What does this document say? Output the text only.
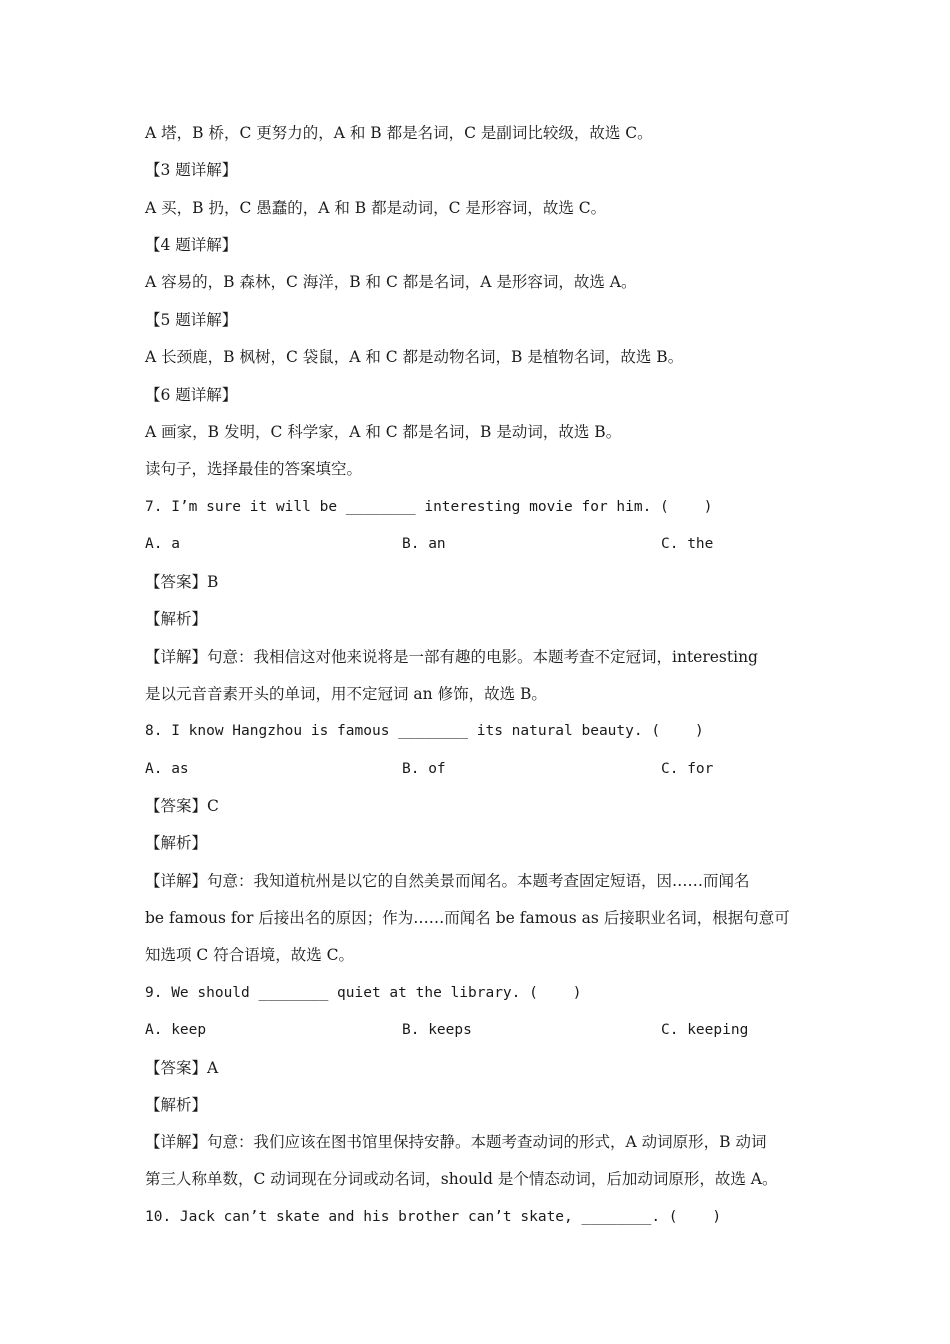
A 塔，B 桥，C 更努力的，A 和 B 都是名词，C 是副词比较级，故选 C。
【3 题详解】
A 买，B 扔，C 愚蠢的，A 和 B 都是动词，C 是形容词，故选 C。
【4 题详解】
A 容易的，B 森林，C 海洋，B 和 C 都是名词，A 是形容词，故选 A。
【5 题详解】
A 长颈鹿，B 枫树，C 袋鼠，A 和 C 都是动物名词，B 是植物名词，故选 B。
【6 题详解】
A 画家，B 发明，C 科学家，A 和 C 都是名词，B 是动词，故选 B。
读句子，选择最佳的答案填空。
7. I’m sure it will be ________ interesting movie for him. (    )
A. a	B. an	C. the
【答案】B
【解析】
【详解】句意：我相信这对他来说将是一部有趣的电影。本题考查不定冠词，interesting
是以元音音素开头的单词，用不定冠词 an 修饰，故选 B。
8. I know Hangzhou is famous ________ its natural beauty. (    )
A. as	B. of	C. for
【答案】C
【解析】
【详解】句意：我知道杭州是以它的自然美景而闻名。本题考查固定短语，因……而闻名
be famous for 后接出名的原因；作为……而闻名 be famous as 后接职业名词，根据句意可
知选项 C 符合语境，故选 C。
9. We should ________ quiet at the library. (    )
A. keep	B. keeps	C. keeping
【答案】A
【解析】
【详解】句意：我们应该在图书馆里保持安静。本题考查动词的形式，A 动词原形，B 动词
第三人称单数，C 动词现在分词或动名词，should 是个情态动词，后加动词原形，故选 A。
10. Jack can’t skate and his brother can’t skate, ________. (    )
